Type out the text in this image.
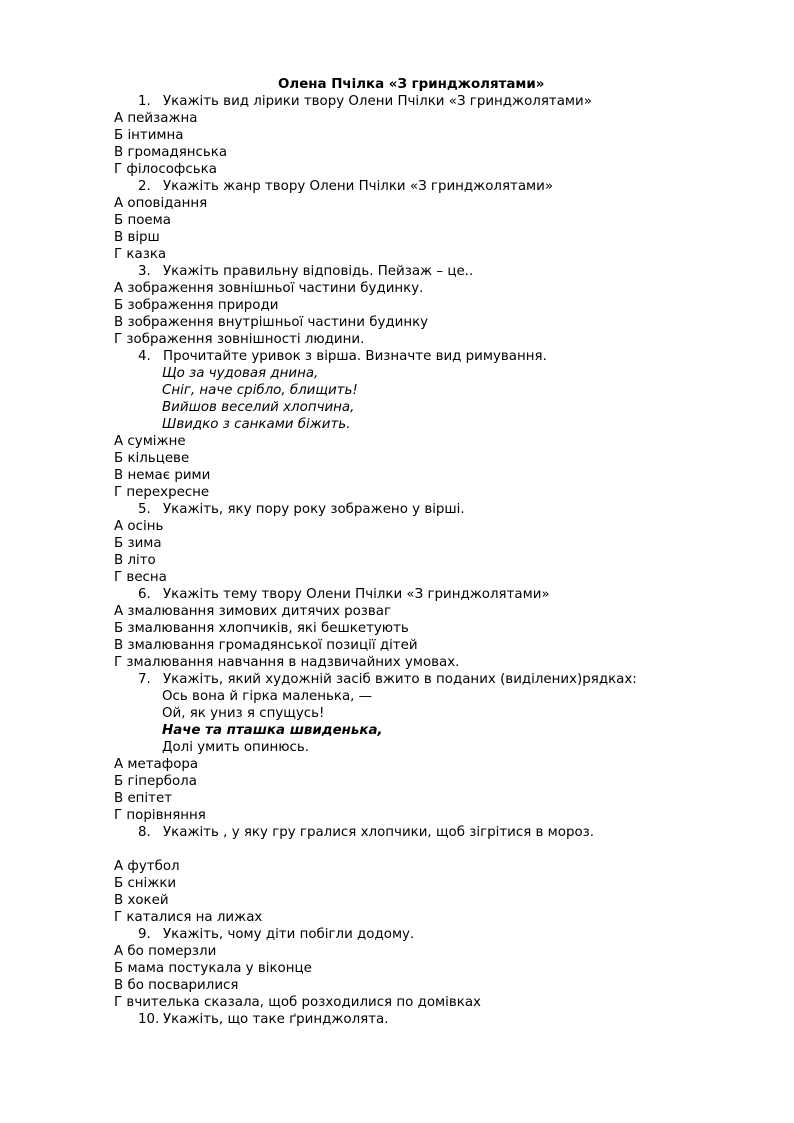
Олена Пчілка «З гринджолятами»
1. Укажіть вид лірики твору Олени Пчілки «З гринджолятами»
А пейзажна
Б інтимна
В громадянська
Г філософська
2. Укажіть жанр твору Олени Пчілки «З гринджолятами»
А оповідання
Б поема
В вірш
Г казка
3. Укажіть правильну відповідь. Пейзаж – це..
А зображення зовнішньої частини будинку.
Б зображення природи
В зображення внутрішньої частини будинку
Г зображення зовнішності людини.
4. Прочитайте уривок з вірша. Визначте вид римування.
Що за чудовая днина,
Сніг, наче срібло, блищить!
Вийшов веселий хлопчина,
Швидко з санками біжить.
А суміжне
Б кільцеве
В немає рими
Г перехресне
5. Укажіть, яку пору року зображено у вірші.
А осінь
Б зима
В літо
Г весна
6. Укажіть тему твору Олени Пчілки «З гринджолятами»
А змалювання зимових дитячих розваг
Б змалювання хлопчиків, які бешкетують
В змалювання громадянської позиції дітей
Г змалювання навчання в надзвичайних умовах.
7. Укажіть, який художній засіб вжито в поданих (виділених)рядках:
Ось вона й гірка маленька, —
Ой, як униз я спущусь!
Наче та пташка швиденька,
Долі умить опинюсь.
А метафора
Б гіпербола
В епітет
Г порівняння
8. Укажіть , у яку гру гралися хлопчики, щоб зігрітися в мороз.
А футбол
Б сніжки
В хокей
Г каталися на лижах
9. Укажіть, чому діти побігли додому.
А бо померзли
Б мама постукала у віконце
В бо посварилися
Г вчителька сказала, щоб розходилися по домівках
10. Укажіть, що таке ґринджолята.
